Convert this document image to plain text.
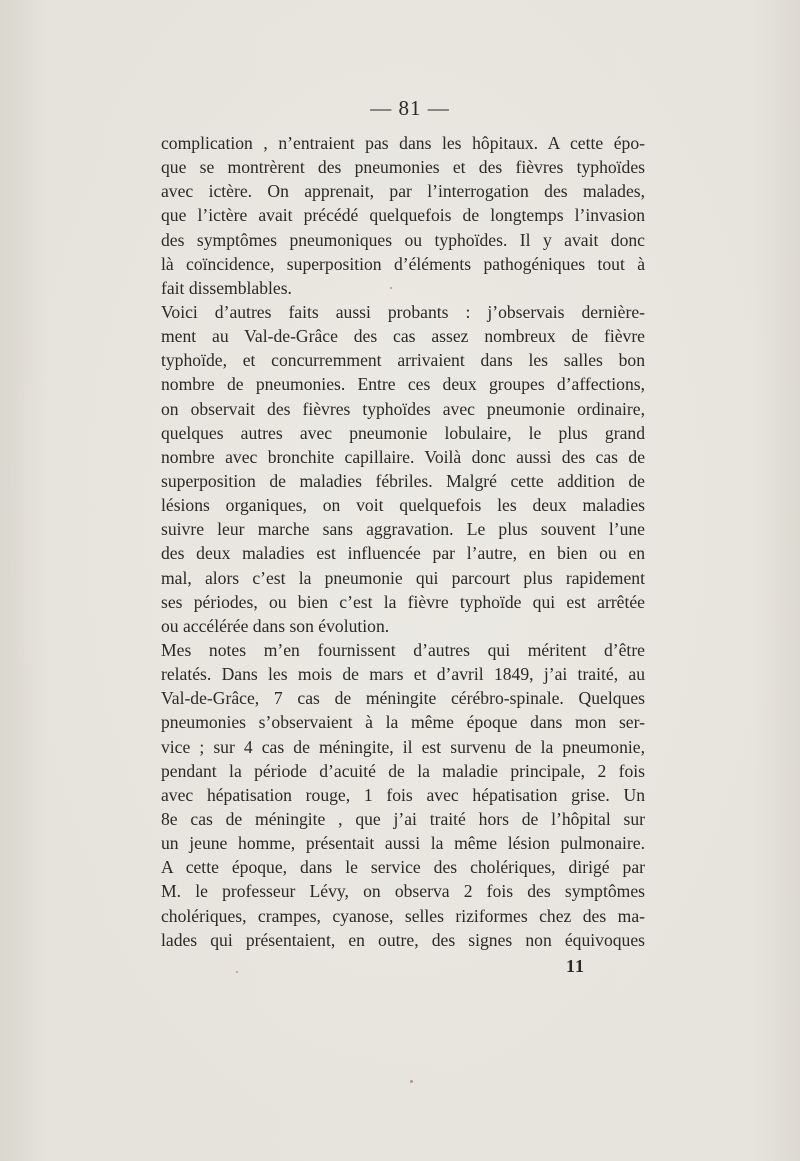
— 81 —
complication , n’entraient pas dans les hôpitaux. A cette épo-
que se montrèrent des pneumonies et des fièvres typhoïdes
avec ictère. On apprenait, par l’interrogation des malades,
que l’ictère avait précédé quelquefois de longtemps l’invasion
des symptômes pneumoniques ou typhoïdes. Il y avait donc
là coïncidence, superposition d’éléments pathogéniques tout à
fait dissemblables.
Voici d’autres faits aussi probants : j’observais dernière-
ment au Val-de-Grâce des cas assez nombreux de fièvre
typhoïde, et concurremment arrivaient dans les salles bon
nombre de pneumonies. Entre ces deux groupes d’affections,
on observait des fièvres typhoïdes avec pneumonie ordinaire,
quelques autres avec pneumonie lobulaire, le plus grand
nombre avec bronchite capillaire. Voilà donc aussi des cas de
superposition de maladies fébriles. Malgré cette addition de
lésions organiques, on voit quelquefois les deux maladies
suivre leur marche sans aggravation. Le plus souvent l’une
des deux maladies est influencée par l’autre, en bien ou en
mal, alors c’est la pneumonie qui parcourt plus rapidement
ses périodes, ou bien c’est la fièvre typhoïde qui est arrêtée
ou accélérée dans son évolution.
Mes notes m’en fournissent d’autres qui méritent d’être
relatés. Dans les mois de mars et d’avril 1849, j’ai traité, au
Val-de-Grâce, 7 cas de méningite cérébro-spinale. Quelques
pneumonies s’observaient à la même époque dans mon ser-
vice ; sur 4 cas de méningite, il est survenu de la pneumonie,
pendant la période d’acuité de la maladie principale, 2 fois
avec hépatisation rouge, 1 fois avec hépatisation grise. Un
8e cas de méningite , que j’ai traité hors de l’hôpital sur
un jeune homme, présentait aussi la même lésion pulmonaire.
A cette époque, dans le service des cholériques, dirigé par
M. le professeur Lévy, on observa 2 fois des symptômes
cholériques, crampes, cyanose, selles riziformes chez des ma-
lades qui présentaient, en outre, des signes non équivoques
11
